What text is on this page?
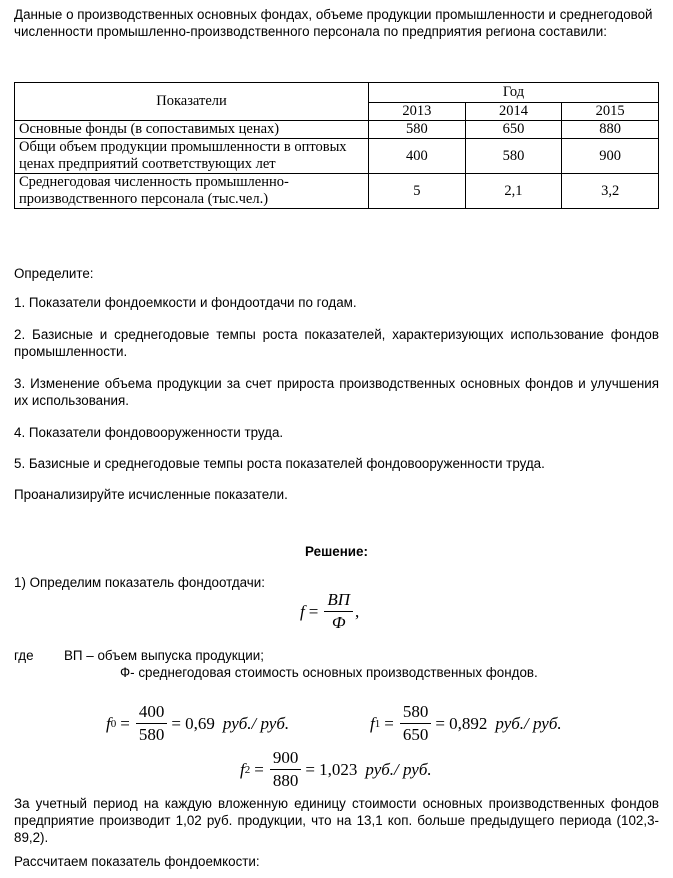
Данные о производственных основных фондах, объеме продукции промышленности и среднегодовой численности промышленно-производственного персонала по предприятия региона составили:
Показатели	Год		
	2013	2014	2015
Основные фонды (в сопоставимых ценах)	580	650	880
Общи объем продукции промышленности в оптовых ценах предприятий соответствующих лет	400	580	900
Среднегодовая численность промышленно-производственного персонала (тыс.чел.)	5	2,1	3,2
Определите:
1. Показатели фондоемкости и фондоотдачи по годам.
2. Базисные и среднегодовые темпы роста показателей, характеризующих использование фондов промышленности.
3. Изменение объема продукции за счет прироста производственных основных фондов и улучшения их использования.
4. Показатели фондовооруженности труда.
5. Базисные и среднегодовые темпы роста показателей фондовооруженности труда.
Проанализируйте исчисленные показатели.
Решение:
1) Определим показатель фондоотдачи:
$f = \frac{ВП}{Ф}$ ,
где ВП – объем выпуска продукции;
Ф- среднегодовая стоимость основных производственных фондов.
f $0 = \frac{400}{580} = 0,69$ руб./ руб.	f $1 = \frac{580}{650} = 0,892$ руб./ руб.
f $2 = \frac{900}{880} = 1,023$ руб./ руб.
За учетный период на каждую вложенную единицу стоимости основных производственных фондов предприятие производит 1,02 руб. продукции, что на 13,1 коп. больше предыдущего периода (102,3-89,2).
Рассчитаем показатель фондоемкости:
